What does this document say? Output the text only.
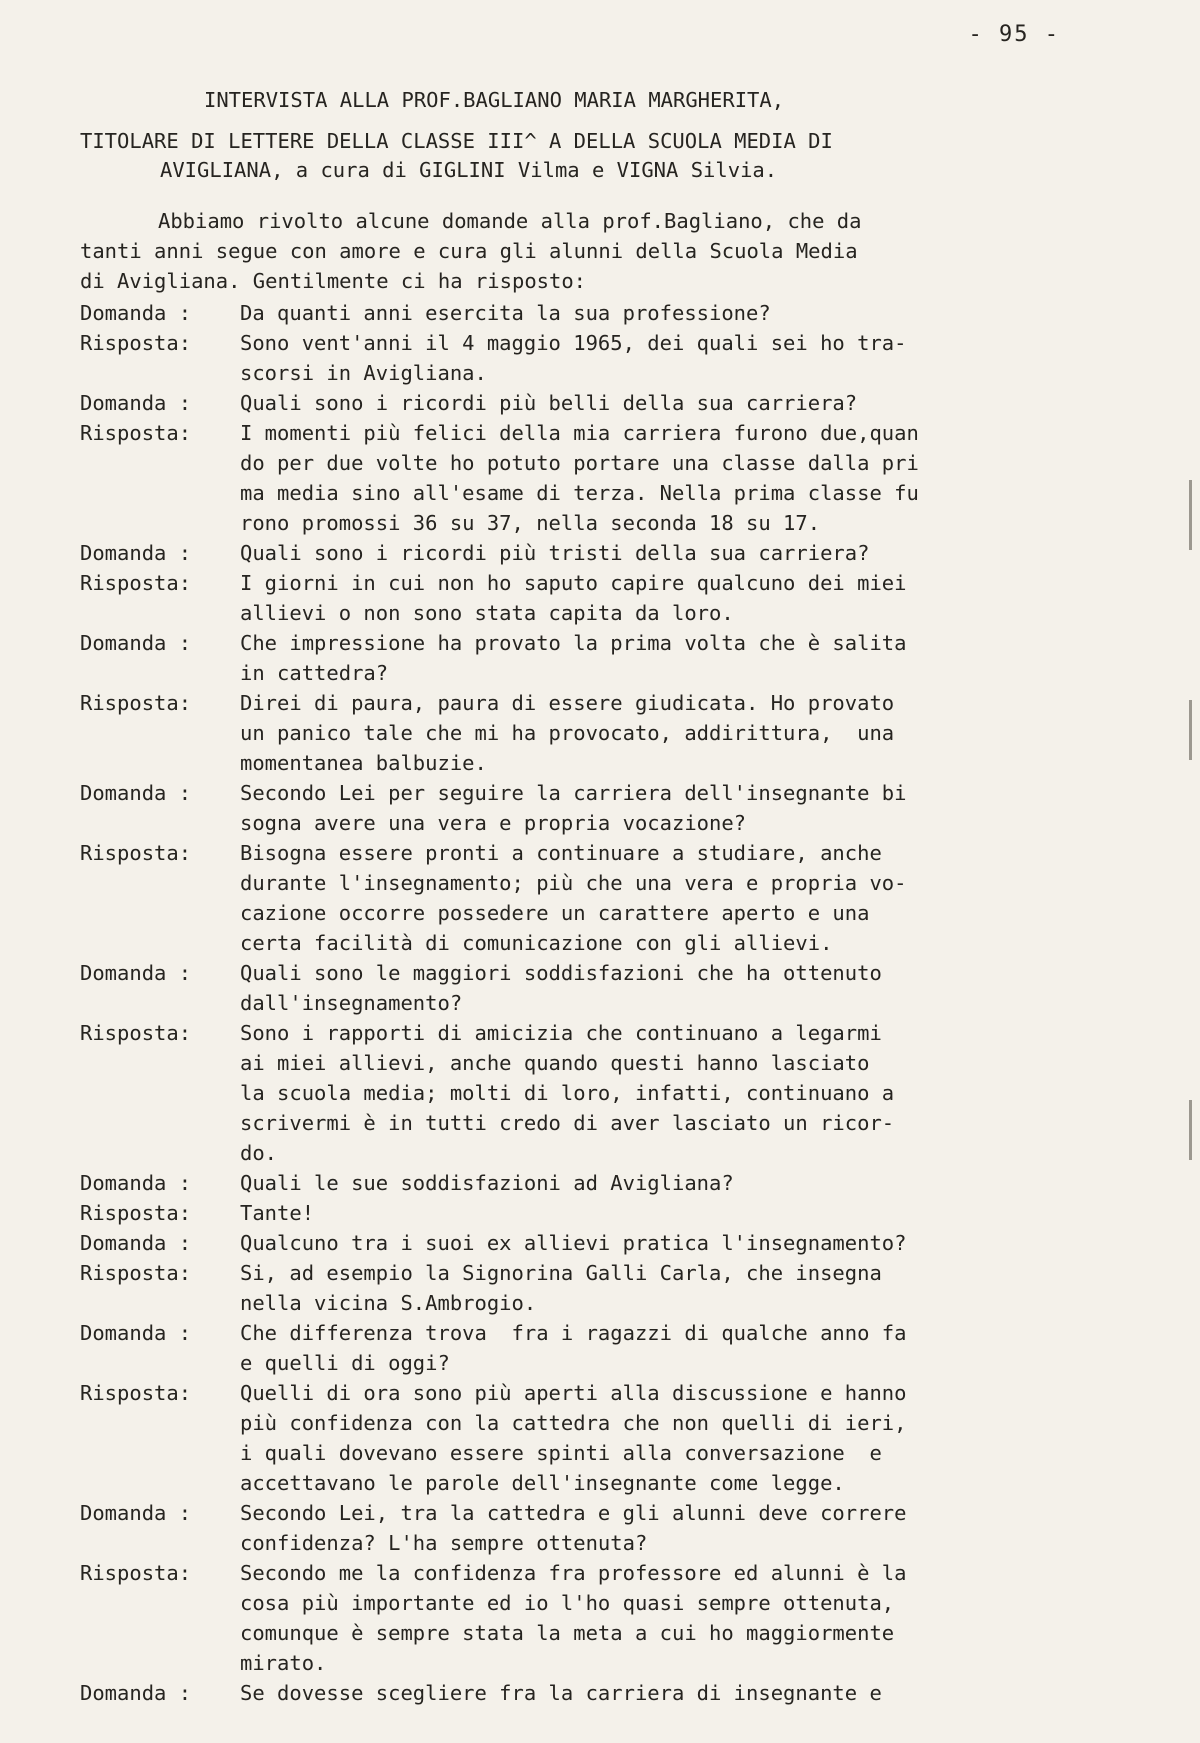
- 95 -
INTERVISTA ALLA PROF.BAGLIANO MARIA MARGHERITA,
TITOLARE DI LETTERE DELLA CLASSE III^ A DELLA SCUOLA MEDIA DI
AVIGLIANA, a cura di GIGLINI Vilma e VIGNA Silvia.
Abbiamo rivolto alcune domande alla prof.Bagliano, che da
tanti anni segue con amore e cura gli alunni della Scuola Media
di Avigliana. Gentilmente ci ha risposto:
Domanda :	Da quanti anni esercita la sua professione?
Risposta:	Sono vent'anni il 4 maggio 1965, dei quali sei ho tra-
scorsi in Avigliana.
Domanda :	Quali sono i ricordi più belli della sua carriera?
Risposta:	I momenti più felici della mia carriera furono due,quan
do per due volte ho potuto portare una classe dalla pri
ma media sino all'esame di terza. Nella prima classe fu
rono promossi 36 su 37, nella seconda 18 su 17.
Domanda :	Quali sono i ricordi più tristi della sua carriera?
Risposta:	I giorni in cui non ho saputo capire qualcuno dei miei
allievi o non sono stata capita da loro.
Domanda :	Che impressione ha provato la prima volta che è salita
in cattedra?
Risposta:	Direi di paura, paura di essere giudicata. Ho provato
un panico tale che mi ha provocato, addirittura,  una
momentanea balbuzie.
Domanda :	Secondo Lei per seguire la carriera dell'insegnante bi
sogna avere una vera e propria vocazione?
Risposta:	Bisogna essere pronti a continuare a studiare, anche
durante l'insegnamento; più che una vera e propria vo-
cazione occorre possedere un carattere aperto e una
certa facilità di comunicazione con gli allievi.
Domanda :	Quali sono le maggiori soddisfazioni che ha ottenuto
dall'insegnamento?
Risposta:	Sono i rapporti di amicizia che continuano a legarmi
ai miei allievi, anche quando questi hanno lasciato
la scuola media; molti di loro, infatti, continuano a
scrivermi è in tutti credo di aver lasciato un ricor-
do.
Domanda :	Quali le sue soddisfazioni ad Avigliana?
Risposta:	Tante!
Domanda :	Qualcuno tra i suoi ex allievi pratica l'insegnamento?
Risposta:	Si, ad esempio la Signorina Galli Carla, che insegna
nella vicina S.Ambrogio.
Domanda :	Che differenza trova  fra i ragazzi di qualche anno fa
e quelli di oggi?
Risposta:	Quelli di ora sono più aperti alla discussione e hanno
più confidenza con la cattedra che non quelli di ieri,
i quali dovevano essere spinti alla conversazione  e
accettavano le parole dell'insegnante come legge.
Domanda :	Secondo Lei, tra la cattedra e gli alunni deve correre
confidenza? L'ha sempre ottenuta?
Risposta:	Secondo me la confidenza fra professore ed alunni è la
cosa più importante ed io l'ho quasi sempre ottenuta,
comunque è sempre stata la meta a cui ho maggiormente
mirato.
Domanda :	Se dovesse scegliere fra la carriera di insegnante e
